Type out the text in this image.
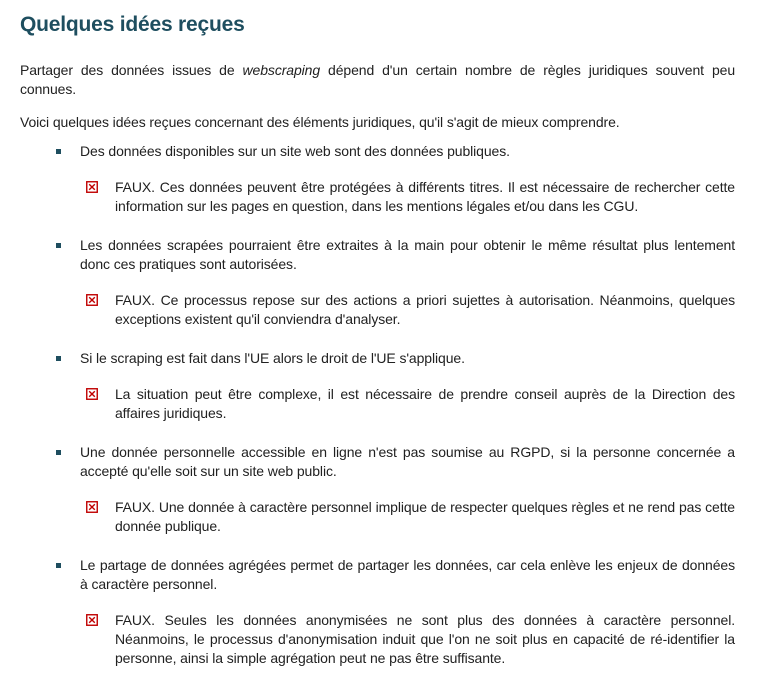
Quelques idées reçues

Partager des données issues de webscraping dépend d'un certain nombre de règles juridiques souvent peu connues.

Voici quelques idées reçues concernant des éléments juridiques, qu'il s'agit de mieux comprendre.

Des données disponibles sur un site web sont des données publiques.
FAUX. Ces données peuvent être protégées à différents titres. Il est nécessaire de rechercher cette information sur les pages en question, dans les mentions légales et/ou dans les CGU.
Les données scrapées pourraient être extraites à la main pour obtenir le même résultat plus lentement donc ces pratiques sont autorisées.
FAUX. Ce processus repose sur des actions a priori sujettes à autorisation. Néanmoins, quelques exceptions existent qu'il conviendra d'analyser.
Si le scraping est fait dans l'UE alors le droit de l'UE s'applique.
La situation peut être complexe, il est nécessaire de prendre conseil auprès de la Direction des affaires juridiques.
Une donnée personnelle accessible en ligne n'est pas soumise au RGPD, si la personne concernée a accepté qu'elle soit sur un site web public.
FAUX. Une donnée à caractère personnel implique de respecter quelques règles et ne rend pas cette donnée publique.
Le partage de données agrégées permet de partager les données, car cela enlève les enjeux de données à caractère personnel.
FAUX. Seules les données anonymisées ne sont plus des données à caractère personnel. Néanmoins, le processus d'anonymisation induit que l'on ne soit plus en capacité de ré-identifier la personne, ainsi la simple agrégation peut ne pas être suffisante.
